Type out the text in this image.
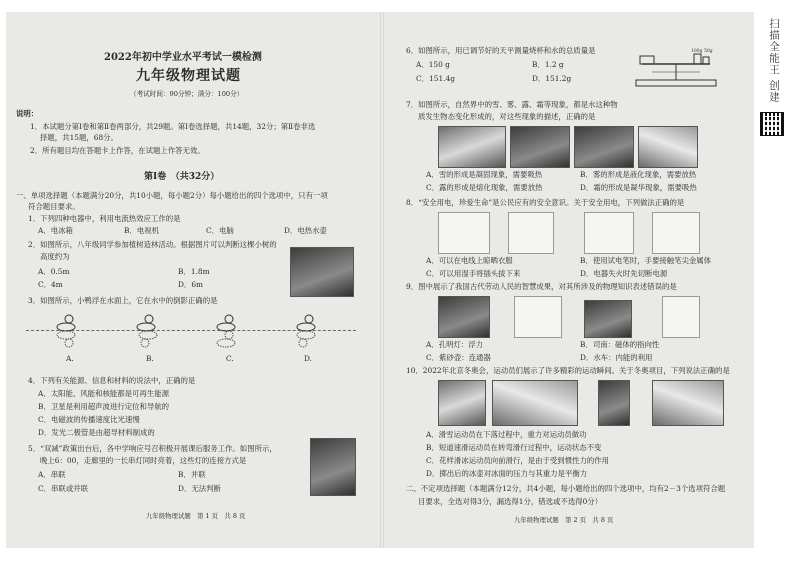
2022年初中学业水平考试一模检测
九年级物理试题
（考试时间：90分钟；满分：100分）
说明：
1．本试题分第Ⅰ卷和第Ⅱ卷两部分，共29题。第Ⅰ卷选择题，共14题，32分；第Ⅱ卷非选
择题，共15题，68分。
2．所有题目均在答题卡上作答，在试题上作答无效。
第Ⅰ卷　（共32分）
一、单项选择题（本题满分20分，共10小题，每小题2分）每小题给出的四个选项中，只有一项
符合题目要求。
1．下列四种电器中，利用电流热效应工作的是
A．电冰箱	B．电视机	C．电脑	D．电热水壶
2．如图所示，八年级同学参加植树造林活动。根据图片可以判断这棵小树的
高度约为
A．0.5m	B．1.8m
C．4m	D．6m
3．如图所示，小鸭浮在水面上，它在水中的倒影正确的是
A.	B.	C.	D.
4．下列有关能源、信息和材料的说法中，正确的是
A．太阳能、风能和核能都是可再生能源
B．卫星是利用超声波进行定位和导航的
C．电磁波的传播速度比光速慢
D．发光二极管是由超导材料制成的
5．“双减”政策出台后，各中学响应号召积极开展课后服务工作。如图所示，
晚上6：00，走廊里的一长串灯同时亮着，这些灯的连接方式是
A．串联	B．并联
C．串联或并联	D．无法判断
九年级物理试题　第 1 页　共 8 页
6．如图所示，用已调节好的天平测量烧杯和水的总质量是
A．150 g	B．1.2 g
C．151.4g	D．151.2g
100g 50g
7．如图所示，自然界中的雪、雾、露、霜等现象，都是水这种物
质发生物态变化形成的，对这些现象的描述，正确的是
A．雪的形成是凝固现象，需要吸热	B．雾的形成是液化现象，需要放热
C．露的形成是熔化现象，需要放热	D．霜的形成是凝华现象，需要吸热
8．“安全用电，珍爱生命”是公民应有的安全意识。关于安全用电，下列做法正确的是
A．可以在电线上晾晒衣服	B．使用试电笔时，手要接触笔尖金属体
C．可以用湿手将插头拔下来	D．电器失火时先切断电源
9．图中展示了我国古代劳动人民的智慧成果，对其所涉及的物理知识表述错误的是
A．孔明灯：浮力	B．司南：磁体的指向性
C．紫砂壶：连通器	D．水车：内能的利用
10．2022年北京冬奥会，运动员们展示了许多精彩的运动瞬间。关于冬奥项目，下列说法正确的是
A．滑雪运动员在下落过程中，重力对运动员做功
B．短道速滑运动员在转弯滑行过程中，运动状态不变
C．花样滑冰运动员向前滑行，是由于受到惯性力的作用
D．掷出后的冰壶对冰面的压力与其重力是平衡力
二、不定项选择题（本题满分12分，共4小题，每小题给出的四个选项中，均有2－3个选项符合题
目要求，全选对得3分，漏选得1分，错选或不选得0分）
九年级物理试题　第 2 页　共 8 页
扫描全能王 创建
